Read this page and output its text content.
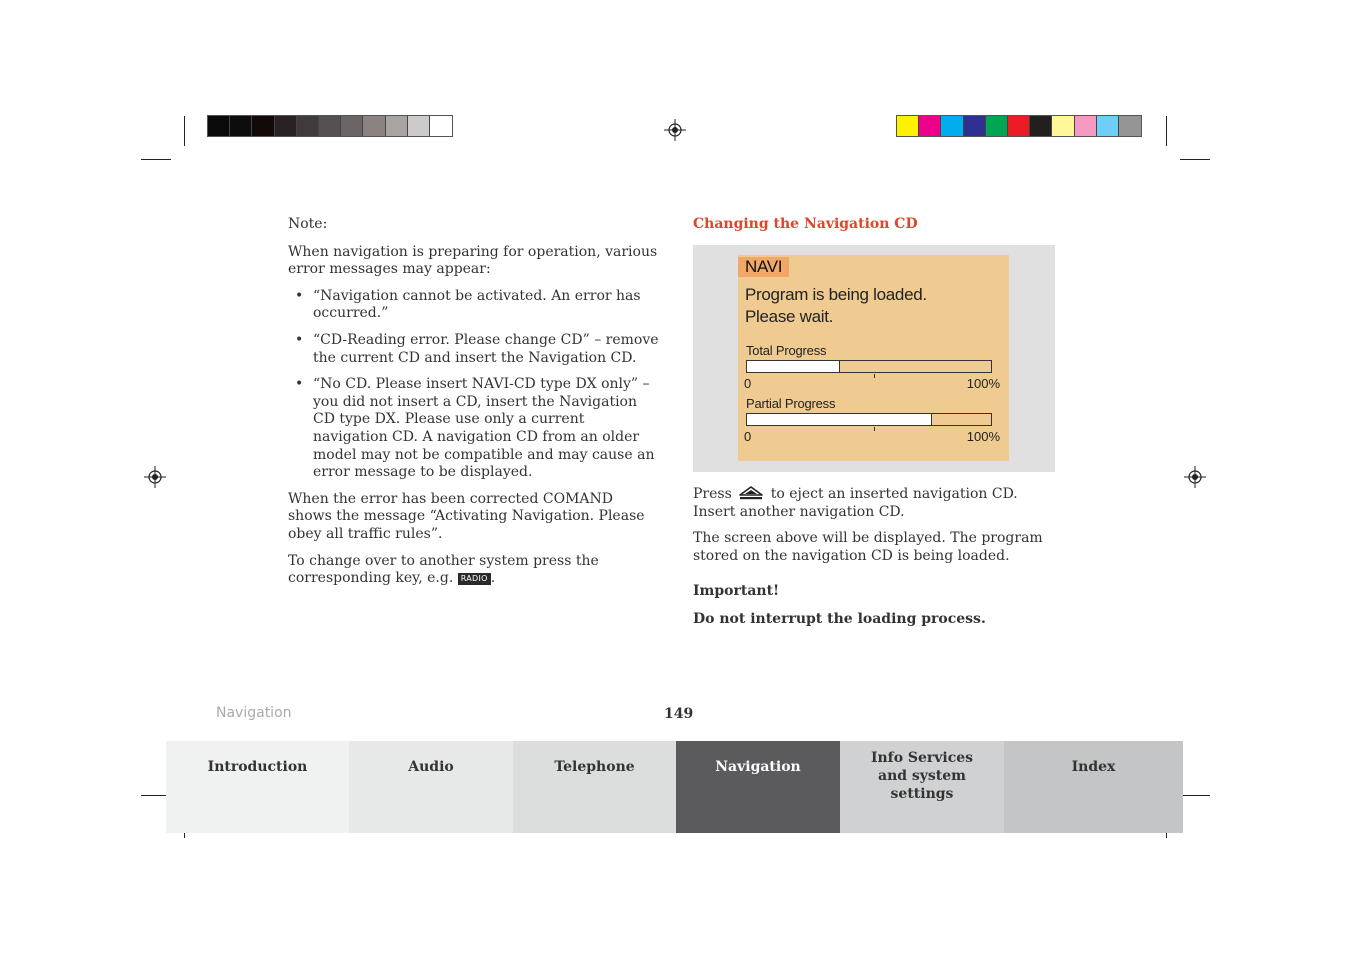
Note:

When navigation is preparing for operation, various error messages may appear:

• “Navigation cannot be activated. An error has occurred.”
• “CD-Reading error. Please change CD” – remove the current CD and insert the Navigation CD.
• “No CD. Please insert NAVI-CD type DX only” – you did not insert a CD, insert the Navigation CD type DX. Please use only a current navigation CD. A navigation CD from an older model may not be compatible and may cause an error message to be displayed.

When the error has been corrected COMAND shows the message “Activating Navigation. Please obey all traffic rules”.

To change over to another system press the corresponding key, e.g. RADIO .

Changing the Navigation CD
NAVI
Program is being loaded.
Please wait.
Total Progress
0	100%
Partial Progress
0	100%

Press	to eject an inserted navigation CD.

Insert another navigation CD.

The screen above will be displayed. The program stored on the navigation CD is being loaded.

Important!

Do not interrupt the loading process.

Navigation	149
Introduction	Audio	Telephone	Navigation
Info Services and system settings
Index
